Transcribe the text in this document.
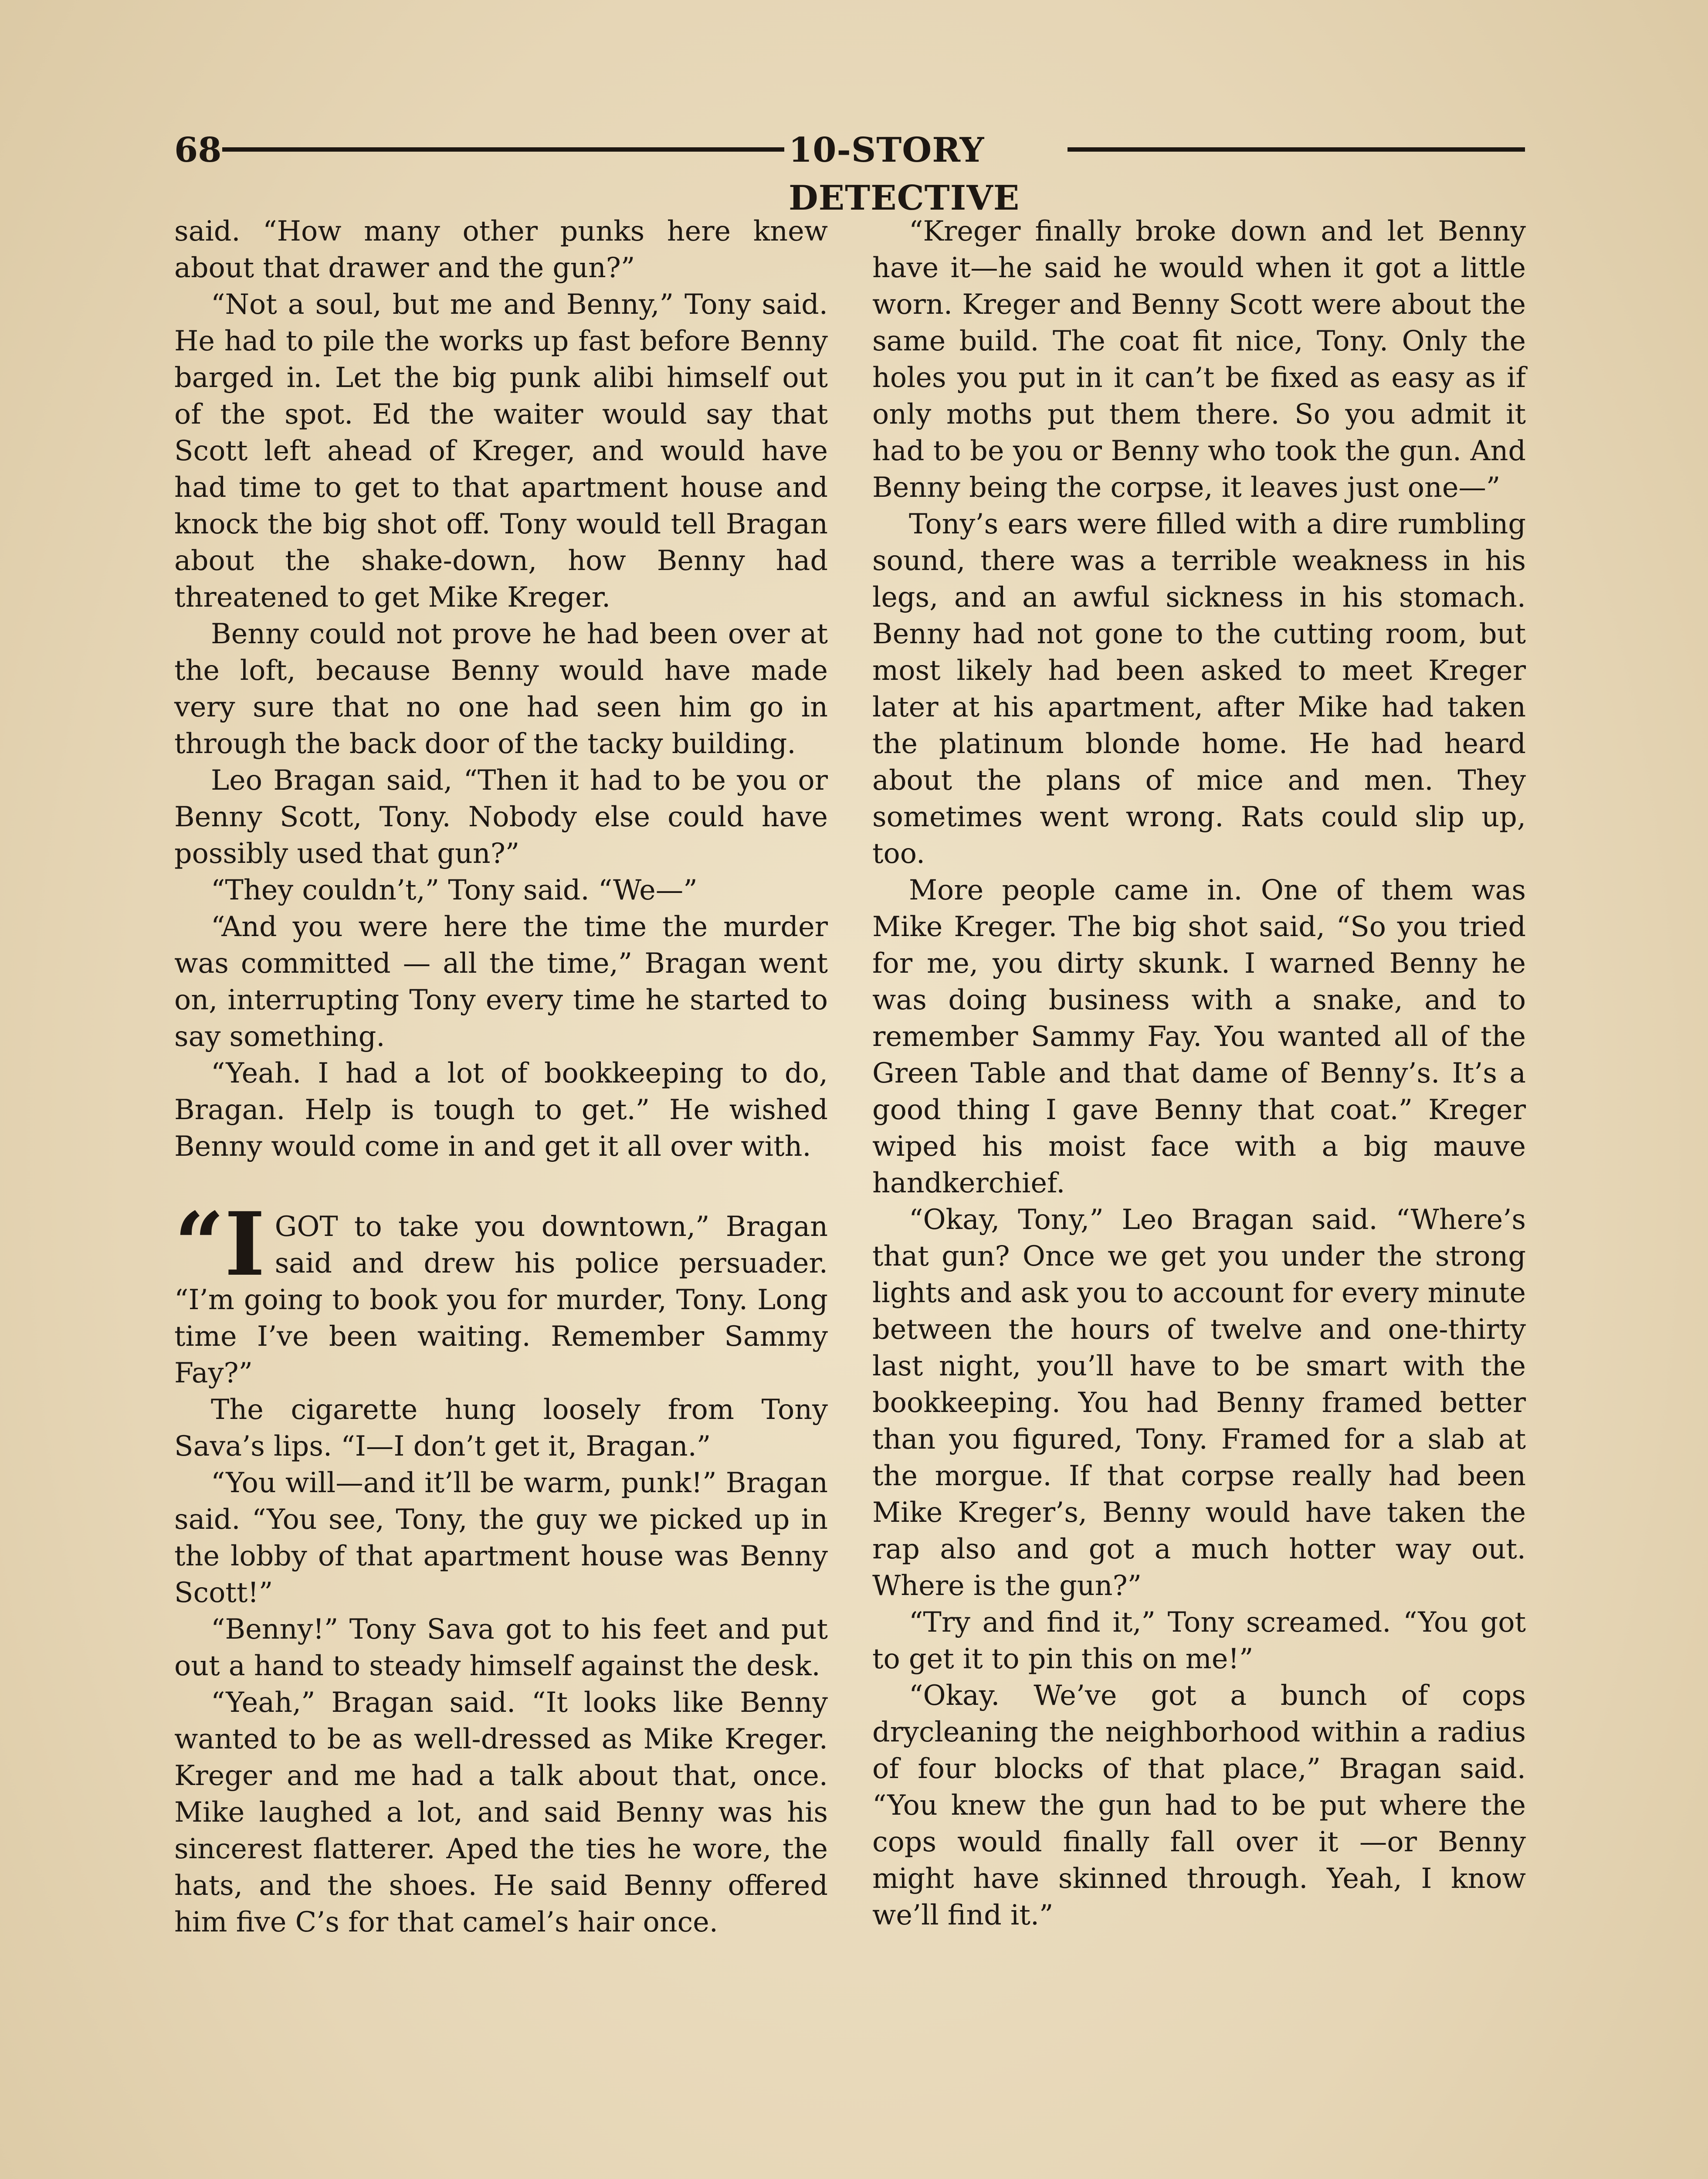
68	10-STORY DETECTIVE

said. “How many other punks here knew about that drawer and the gun?”

“Not a soul, but me and Benny,” Tony said. He had to pile the works up fast before Benny barged in. Let the big punk alibi himself out of the spot. Ed the waiter would say that Scott left ahead of Kreger, and would have had time to get to that apartment house and knock the big shot off. Tony would tell Bragan about the shake-down, how Benny had threatened to get Mike Kreger.

Benny could not prove he had been over at the loft, because Benny would have made very sure that no one had seen him go in through the back door of the tacky building.

Leo Bragan said, “Then it had to be you or Benny Scott, Tony. Nobody else could have possibly used that gun?”

“They couldn’t,” Tony said. “We—”

“And you were here the time the murder was committed — all the time,” Bragan went on, interrupting Tony every time he started to say something.

“Yeah. I had a lot of bookkeeping to do, Bragan. Help is tough to get.” He wished Benny would come in and get it all over with.

“IGOT to take you downtown,” Bragan said and drew his police persuader. “I’m going to book you for murder, Tony. Long time I’ve been waiting. Remember Sammy Fay?”

The cigarette hung loosely from Tony Sava’s lips. “I—I don’t get it, Bragan.”

“You will—and it’ll be warm, punk!” Bragan said. “You see, Tony, the guy we picked up in the lobby of that apartment house was Benny Scott!”

“Benny!” Tony Sava got to his feet and put out a hand to steady himself against the desk.

“Yeah,” Bragan said. “It looks like Benny wanted to be as well-dressed as Mike Kreger. Kreger and me had a talk about that, once. Mike laughed a lot, and said Benny was his sincerest flatterer. Aped the ties he wore, the hats, and the shoes. He said Benny offered him five C’s for that camel’s hair once.

“Kreger finally broke down and let Benny have it—he said he would when it got a little worn. Kreger and Benny Scott were about the same build. The coat fit nice, Tony. Only the holes you put in it can’t be fixed as easy as if only moths put them there. So you admit it had to be you or Benny who took the gun. And Benny being the corpse, it leaves just one—”

Tony’s ears were filled with a dire rumbling sound, there was a terrible weakness in his legs, and an awful sickness in his stomach. Benny had not gone to the cutting room, but most likely had been asked to meet Kreger later at his apartment, after Mike had taken the platinum blonde home. He had heard about the plans of mice and men. They sometimes went wrong. Rats could slip up, too.

More people came in. One of them was Mike Kreger. The big shot said, “So you tried for me, you dirty skunk. I warned Benny he was doing business with a snake, and to remember Sammy Fay. You wanted all of the Green Table and that dame of Benny’s. It’s a good thing I gave Benny that coat.” Kreger wiped his moist face with a big mauve handkerchief.

“Okay, Tony,” Leo Bragan said. “Where’s that gun? Once we get you under the strong lights and ask you to account for every minute between the hours of twelve and one-thirty last night, you’ll have to be smart with the bookkeeping. You had Benny framed better than you figured, Tony. Framed for a slab at the morgue. If that corpse really had been Mike Kreger’s, Benny would have taken the rap also and got a much hotter way out. Where is the gun?”

“Try and find it,” Tony screamed. “You got to get it to pin this on me!”

“Okay. We’ve got a bunch of cops drycleaning the neighborhood within a radius of four blocks of that place,” Bragan said. “You knew the gun had to be put where the cops would finally fall over it —or Benny might have skinned through. Yeah, I know we’ll find it.”
